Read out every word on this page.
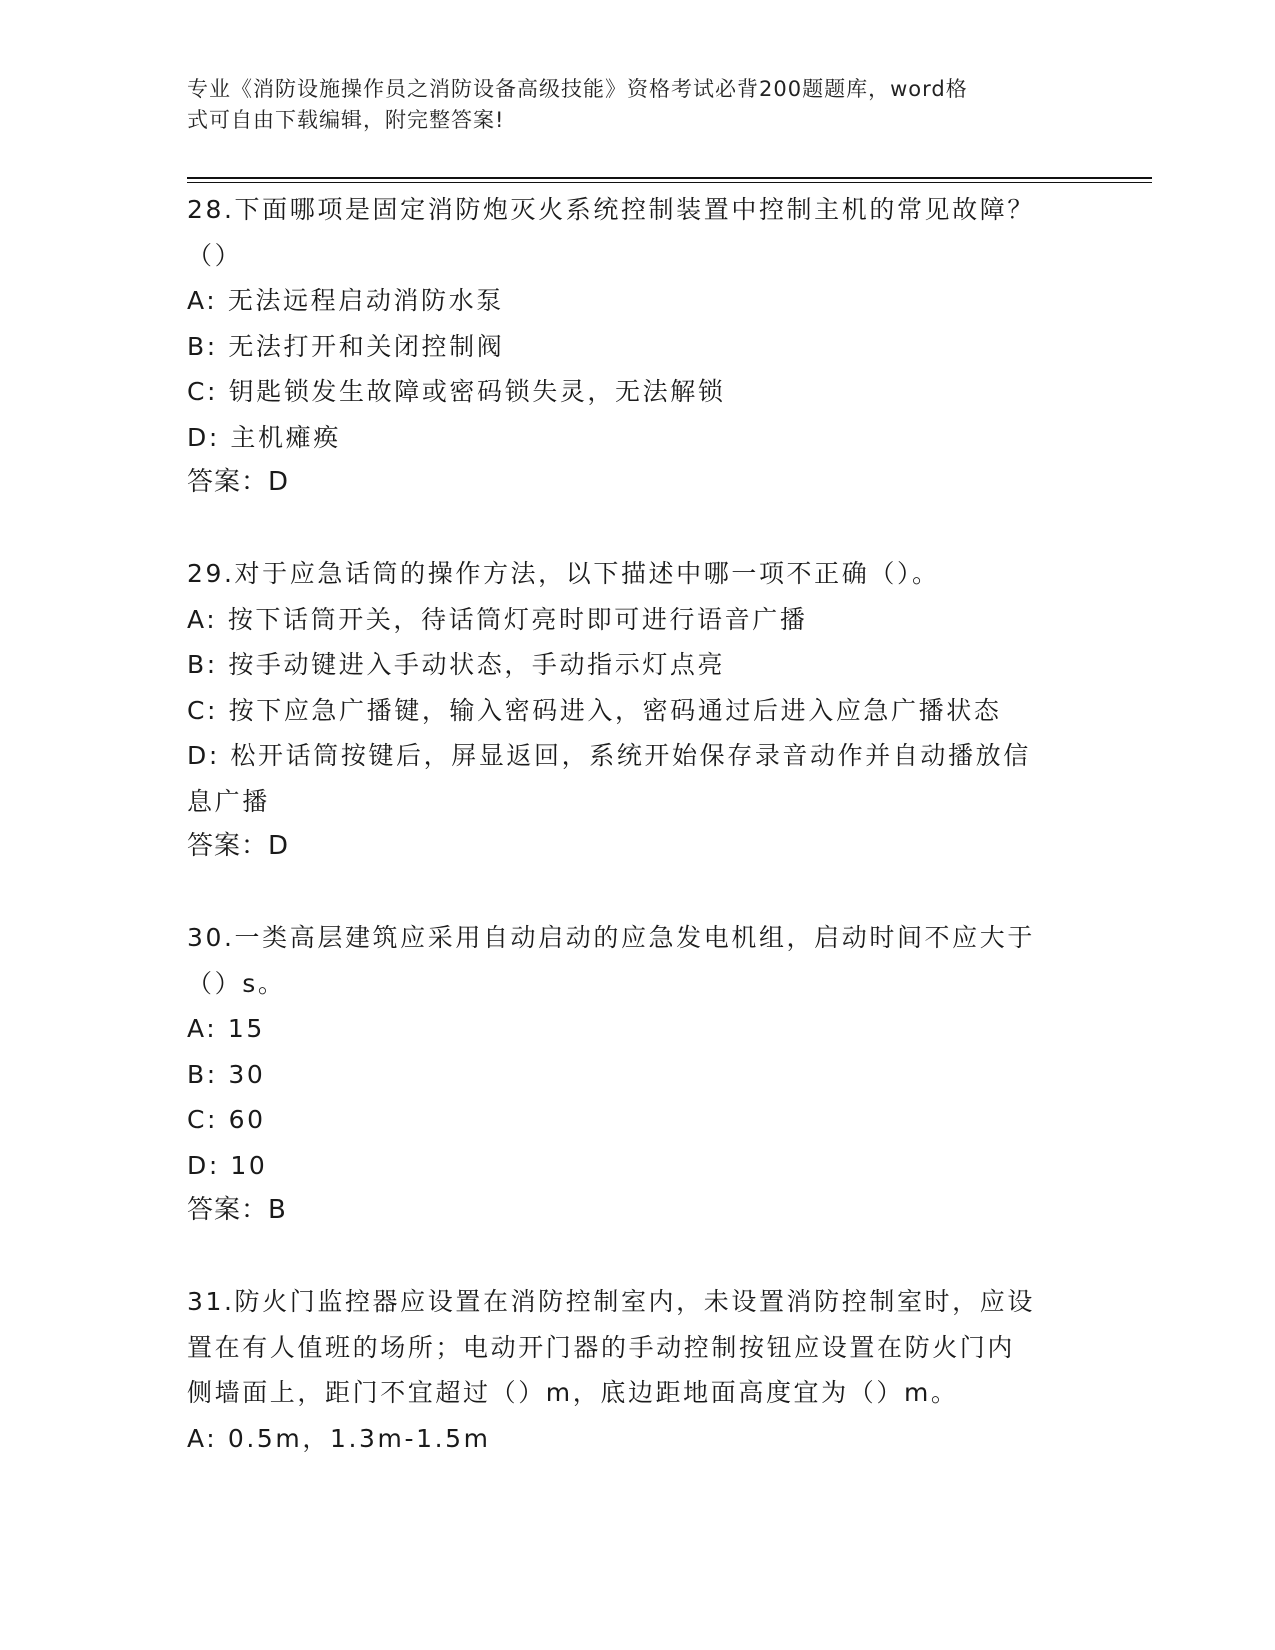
专业《消防设施操作员之消防设备高级技能》资格考试必背200题题库，word格
式可自由下载编辑，附完整答案!

28.下面哪项是固定消防炮灭火系统控制装置中控制主机的常见故障？

（）

A: 无法远程启动消防水泵

B: 无法打开和关闭控制阀

C: 钥匙锁发生故障或密码锁失灵，无法解锁

D: 主机瘫痪

答案：D

29.对于应急话筒的操作方法，以下描述中哪一项不正确（）。

A: 按下话筒开关，待话筒灯亮时即可进行语音广播

B: 按手动键进入手动状态，手动指示灯点亮

C: 按下应急广播键，输入密码进入，密码通过后进入应急广播状态

D: 松开话筒按键后，屏显返回，系统开始保存录音动作并自动播放信

息广播

答案：D

30.一类高层建筑应采用自动启动的应急发电机组，启动时间不应大于

（）s。

A: 15

B: 30

C: 60

D: 10

答案：B

31.防火门监控器应设置在消防控制室内，未设置消防控制室时，应设

置在有人值班的场所；电动开门器的手动控制按钮应设置在防火门内

侧墙面上，距门不宜超过（）m，底边距地面高度宜为（）m。

A: 0.5m，1.3m-1.5m
